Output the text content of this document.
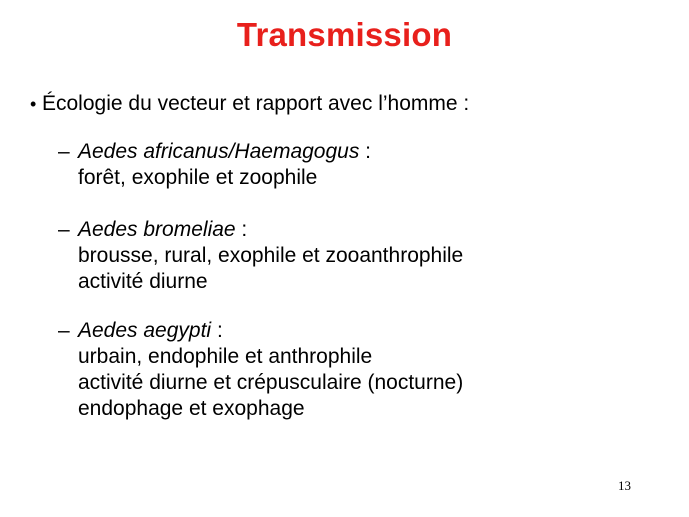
Transmission
• Écologie du vecteur et rapport avec l’homme :
– Aedes africanus/Haemagogus :
forêt, exophile et zoophile
– Aedes bromeliae :
brousse, rural, exophile et zooanthrophile
activité diurne
– Aedes aegypti :
urbain, endophile et anthrophile
activité diurne et crépusculaire (nocturne)
endophage et exophage
13
